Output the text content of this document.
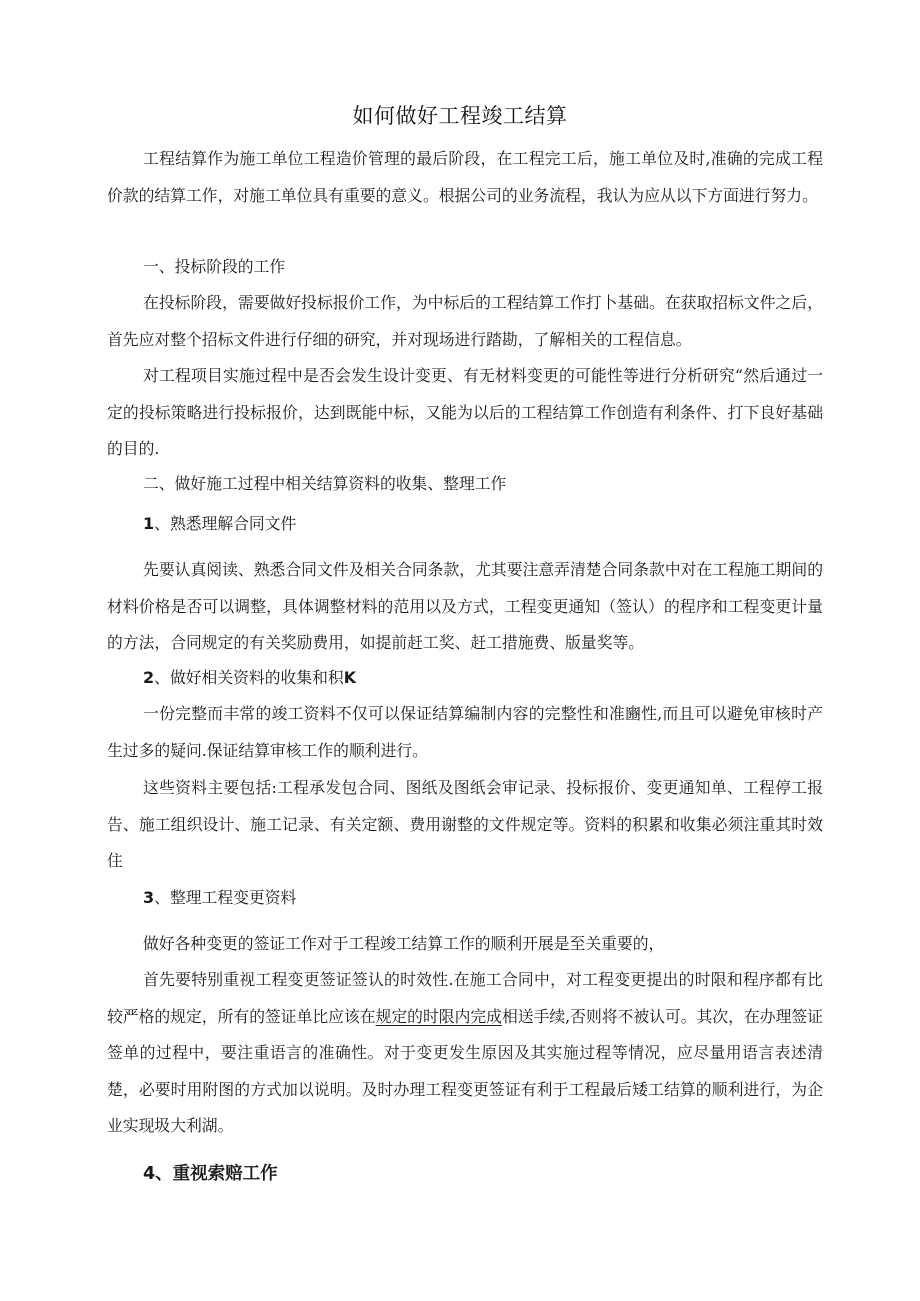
如何做好工程竣工结算
工程结算作为施工单位工程造价管理的最后阶段，在工程完工后，施工单位及时,准确的完成工程价款的结算工作，对施工单位具有重要的意义。根据公司的业务流程，我认为应从以下方面进行努力。
一、投标阶段的工作
在投标阶段，需要做好投标报价工作，为中标后的工程结算工作打卜基础。在获取招标文件之后，首先应对整个招标文件进行仔细的研究，并对现场进行踏勘，了解相关的工程信息。
对工程项目实施过程中是否会发生设计变更、有无材料变更的可能性等进行分析研究“然后通过一定的投标策略进行投标报价，达到既能中标，又能为以后的工程结算工作创造有利条件、打下良好基础的目的.
二、做好施工过程中相关结算资料的收集、整理工作
1、熟悉理解合同文件
先要认真阅读、熟悉合同文件及相关合同条款，尤其要注意弄清楚合同条款中对在工程施工期间的材料价格是否可以调整，具体调整材料的范用以及方式，工程变更通知（签认）的程序和工程变更计量的方法，合同规定的有关奖励费用，如提前赶工奖、赶工措施费、版量奖等。
2、做好相关资料的收集和积K
一份完整而丰常的竣工资料不仅可以保证结算编制内容的完整性和准豳性,而且可以避免审核时产生过多的疑问.保证结算审核工作的顺利进行。
这些资料主要包括:工程承发包合同、图纸及图纸会审记录、投标报价、变更通知单、工程停工报告、施工组织设计、施工记录、有关定额、费用谢整的文件规定等。资料的积累和收集必须注重其时效住
3、整理工程变更资料
做好各种变更的签证工作对于工程竣工结算工作的顺利开展是至关重要的，
首先要特别重视工程变更签证签认的时效性.在施工合同中，对工程变更提出的时限和程序都有比较严格的规定，所有的签证单比应该在规定的时限内完成相送手续,否则将不被认可。其次，在办理签证签单的过程中，要注重语言的准确性。对于变更发生原因及其实施过程等情况，应尽量用语言表述清楚，必要时用附图的方式加以说明。及时办理工程变更签证有利于工程最后矮工结算的顺利进行，为企业实现圾大利湖。
4、重视索赔工作
